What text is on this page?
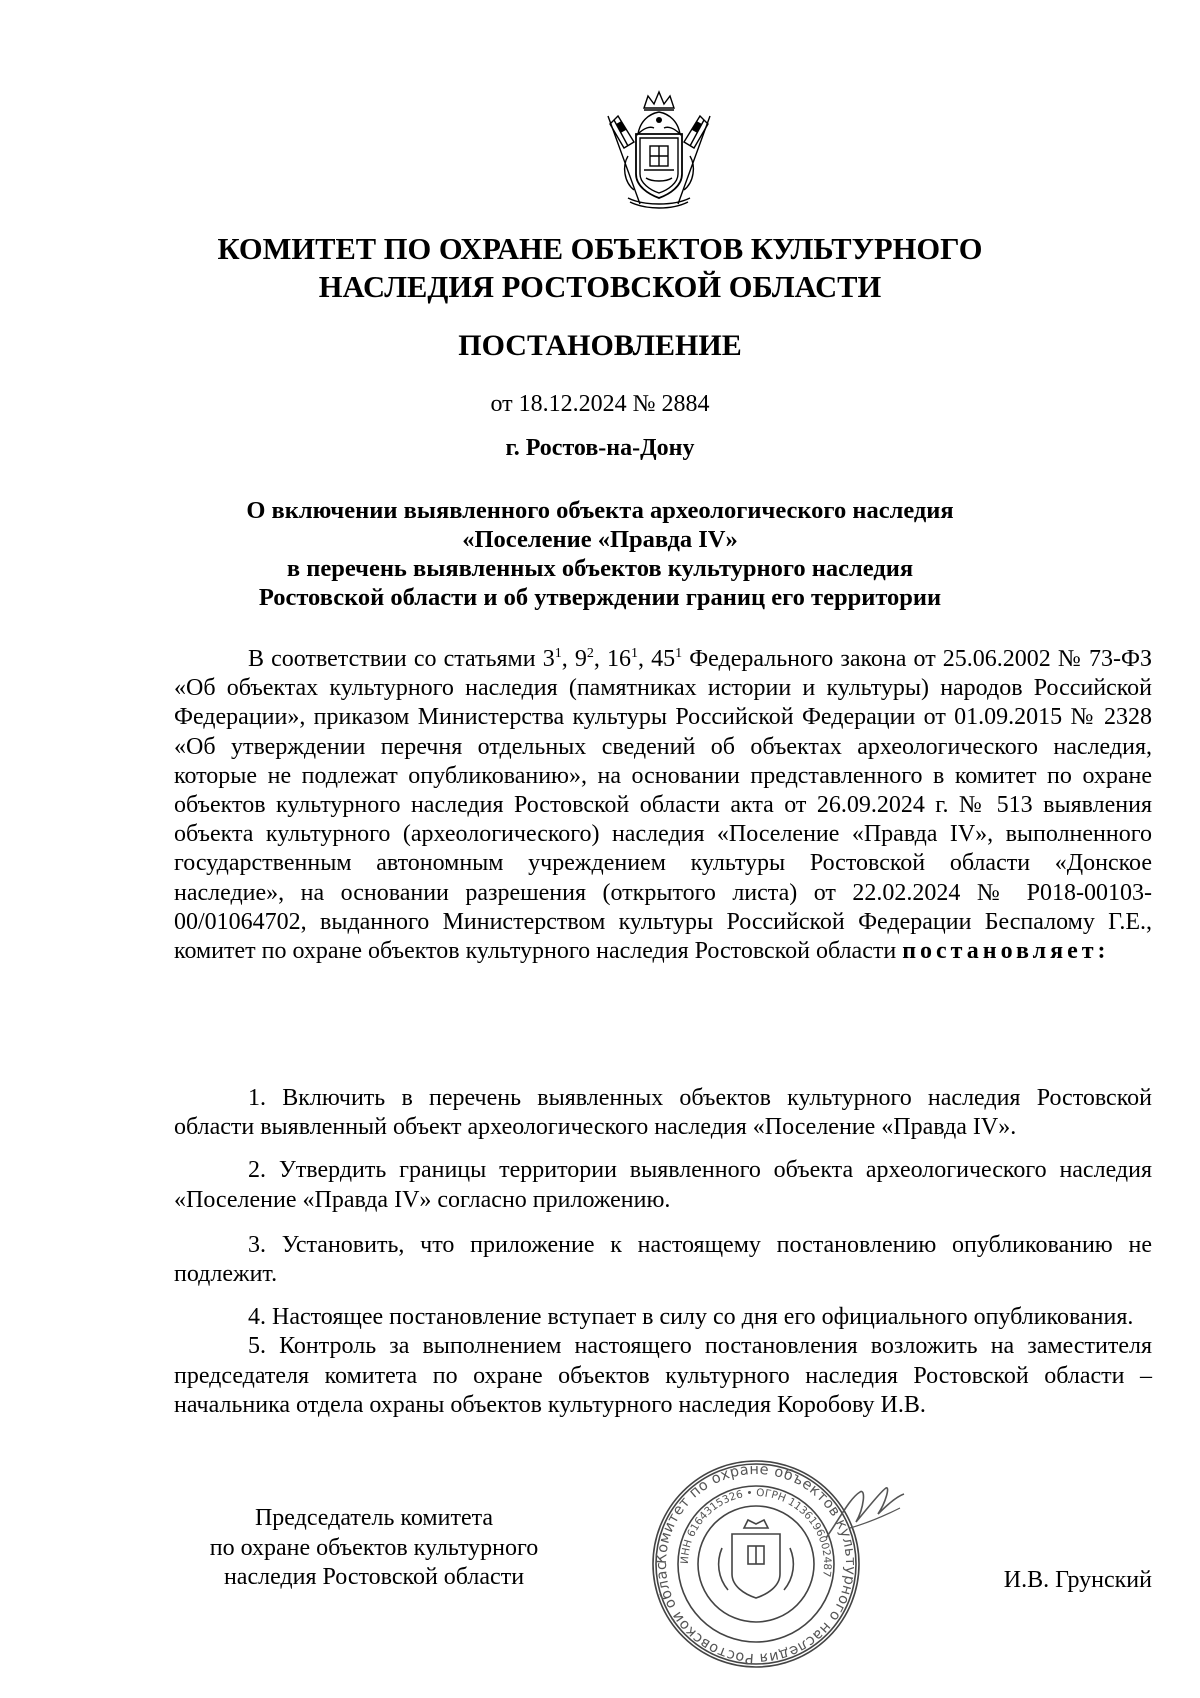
КОМИТЕТ ПО ОХРАНЕ ОБЪЕКТОВ КУЛЬТУРНОГО
НАСЛЕДИЯ РОСТОВСКОЙ ОБЛАСТИ
ПОСТАНОВЛЕНИЕ
от 18.12.2024 № 2884
г. Ростов-на-Дону
О включении выявленного объекта археологического наследия
«Поселение «Правда IV»
в перечень выявленных объектов культурного наследия
Ростовской области и об утверждении границ его территории

В соответствии со статьями $3^1$, $9^2$, $16^1$, $45^1$ Федерального закона от 25.06.2002 № 73-ФЗ «Об объектах культурного наследия (памятниках истории и культуры) народов Российской Федерации», приказом Министерства культуры Российской Федерации от 01.09.2015 № 2328 «Об утверждении перечня отдельных сведений об объектах археологического наследия, которые не подлежат опубликованию», на основании представленного в комитет по охране объектов культурного наследия Ростовской области акта от 26.09.2024 г. № 513 выявления объекта культурного (археологического) наследия «Поселение «Правда IV», выполненного государственным автономным учреждением культуры Ростовской области «Донское наследие», на основании разрешения (открытого листа) от 22.02.2024 № Р018-00103-00/01064702, выданного Министерством культуры Российской Федерации Беспалому Г.Е., комитет по охране объектов культурного наследия Ростовской области постановляет:

1. Включить в перечень выявленных объектов культурного наследия Ростовской области выявленный объект археологического наследия «Поселение «Правда IV».

2. Утвердить границы территории выявленного объекта археологического наследия «Поселение «Правда IV» согласно приложению.

3. Установить, что приложение к настоящему постановлению опубликованию не подлежит.

4. Настоящее постановление вступает в силу со дня его официального опубликования.

5. Контроль за выполнением настоящего постановления возложить на заместителя председателя комитета по охране объектов культурного наследия Ростовской области – начальника отдела охраны объектов культурного наследия Коробову И.В.

Председатель комитета
по охране объектов культурного
наследия Ростовской области
Комитет по охране объектов культурного наследия Ростовской облас
ИНН 6164315326 • ОГРН 1136196002487	И.В. Грунский
